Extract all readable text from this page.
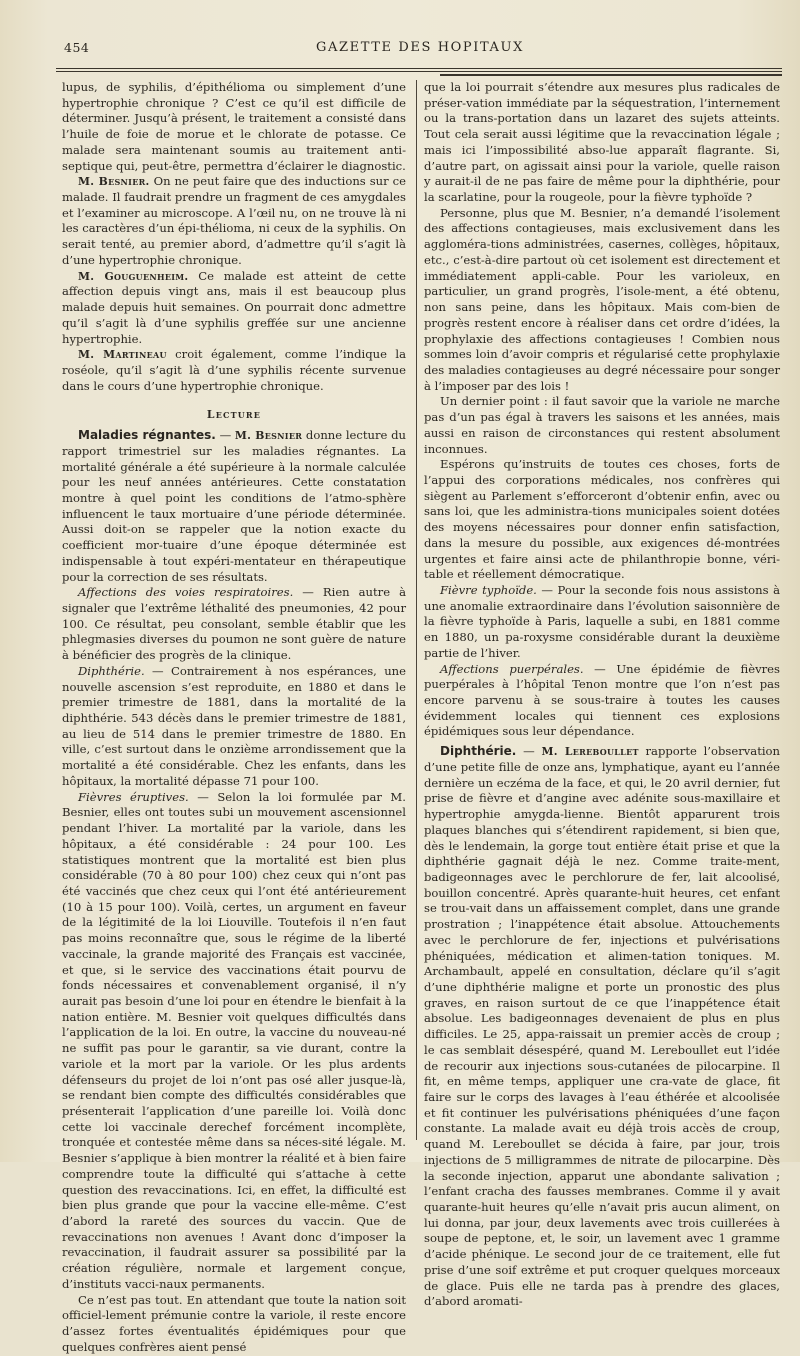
454	GAZETTE DES HOPITAUX

lupus, de syphilis, d’épithélioma ou simplement d’une hypertrophie chronique ? C’est ce qu’il est difficile de déterminer. Jusqu’à présent, le traitement a consisté dans l’huile de foie de morue et le chlorate de potasse. Ce malade sera maintenant soumis au traitement anti-septique qui, peut-être, permettra d’éclairer le diagnostic.

M. Besnier. On ne peut faire que des inductions sur ce malade. Il faudrait prendre un fragment de ces amygdales et l’examiner au microscope. A l’œil nu, on ne trouve là ni les caractères d’un épi-thélioma, ni ceux de la syphilis. On serait tenté, au premier abord, d’admettre qu’il s’agit là d’une hypertrophie chronique.

M. Gouguenheim. Ce malade est atteint de cette affection depuis vingt ans, mais il est beaucoup plus malade depuis huit semaines. On pourrait donc admettre qu’il s’agit là d’une syphilis greffée sur une ancienne hypertrophie.

M. Martineau croit également, comme l’indique la roséole, qu’il s’agit là d’une syphilis récente survenue dans le cours d’une hypertrophie chronique.

Lecture

Maladies régnantes. — M. Besnier donne lecture du rapport trimestriel sur les maladies régnantes. La mortalité générale a été supérieure à la normale calculée pour les neuf années antérieures. Cette constatation montre à quel point les conditions de l’atmo-sphère influencent le taux mortuaire d’une période déterminée. Aussi doit-on se rappeler que la notion exacte du coefficient mor-tuaire d’une époque déterminée est indispensable à tout expéri-mentateur en thérapeutique pour la correction de ses résultats.

Affections des voies respiratoires. — Rien autre à signaler que l’extrême léthalité des pneumonies, 42 pour 100. Ce résultat, peu consolant, semble établir que les phlegmasies diverses du poumon ne sont guère de nature à bénéficier des progrès de la clinique.

Diphthérie. — Contrairement à nos espérances, une nouvelle ascension s’est reproduite, en 1880 et dans le premier trimestre de 1881, dans la mortalité de la diphthérie. 543 décès dans le premier trimestre de 1881, au lieu de 514 dans le premier trimestre de 1880. En ville, c’est surtout dans le onzième arrondissement que la mortalité a été considérable. Chez les enfants, dans les hôpitaux, la mortalité dépasse 71 pour 100.

Fièvres éruptives. — Selon la loi formulée par M. Besnier, elles ont toutes subi un mouvement ascensionnel pendant l’hiver. La mortalité par la variole, dans les hôpitaux, a été considérable : 24 pour 100. Les statistiques montrent que la mortalité est bien plus considérable (70 à 80 pour 100) chez ceux qui n’ont pas été vaccinés que chez ceux qui l’ont été antérieurement (10 à 15 pour 100). Voilà, certes, un argument en faveur de la légitimité de la loi Liouville. Toutefois il n’en faut pas moins reconnaître que, sous le régime de la liberté vaccinale, la grande majorité des Français est vaccinée, et que, si le service des vaccinations était pourvu de fonds nécessaires et convenablement organisé, il n’y aurait pas besoin d’une loi pour en étendre le bienfait à la nation entière. M. Besnier voit quelques difficultés dans l’application de la loi. En outre, la vaccine du nouveau-né ne suffit pas pour le garantir, sa vie durant, contre la variole et la mort par la variole. Or les plus ardents défenseurs du projet de loi n’ont pas osé aller jusque-là, se rendant bien compte des difficultés considérables que présenterait l’application d’une pareille loi. Voilà donc cette loi vaccinale derechef forcément incomplète, tronquée et contestée même dans sa néces-sité légale. M. Besnier s’applique à bien montrer la réalité et à bien faire comprendre toute la difficulté qui s’attache à cette question des revaccinations. Ici, en effet, la difficulté est bien plus grande que pour la vaccine elle-même. C’est d’abord la rareté des sources du vaccin. Que de revaccinations non avenues ! Avant donc d’imposer la revaccination, il faudrait assurer sa possibilité par la création régulière, normale et largement conçue, d’instituts vacci-naux permanents.

Ce n’est pas tout. En attendant que toute la nation soit officiel-lement prémunie contre la variole, il reste encore d’assez fortes éventualités épidémiques pour que quelques confrères aient pensé

que la loi pourrait s’étendre aux mesures plus radicales de préser-vation immédiate par la séquestration, l’internement ou la trans-portation dans un lazaret des sujets atteints. Tout cela serait aussi légitime que la revaccination légale ; mais ici l’impossibilité abso-lue apparaît flagrante. Si, d’autre part, on agissait ainsi pour la variole, quelle raison y aurait-il de ne pas faire de même pour la diphthérie, pour la scarlatine, pour la rougeole, pour la fièvre typhoïde ?

Personne, plus que M. Besnier, n’a demandé l’isolement des affections contagieuses, mais exclusivement dans les aggloméra-tions administrées, casernes, collèges, hôpitaux, etc., c’est-à-dire partout où cet isolement est directement et immédiatement appli-cable. Pour les varioleux, en particulier, un grand progrès, l’isole-ment, a été obtenu, non sans peine, dans les hôpitaux. Mais com-bien de progrès restent encore à réaliser dans cet ordre d’idées, la prophylaxie des affections contagieuses ! Combien nous sommes loin d’avoir compris et régularisé cette prophylaxie des maladies contagieuses au degré nécessaire pour songer à l’imposer par des lois !

Un dernier point : il faut savoir que la variole ne marche pas d’un pas égal à travers les saisons et les années, mais aussi en raison de circonstances qui restent absolument inconnues.

Espérons qu’instruits de toutes ces choses, forts de l’appui des corporations médicales, nos confrères qui siègent au Parlement s’efforceront d’obtenir enfin, avec ou sans loi, que les administra-tions municipales soient dotées des moyens nécessaires pour donner enfin satisfaction, dans la mesure du possible, aux exigences dé-montrées urgentes et faire ainsi acte de philanthropie bonne, véri-table et réellement démocratique.

Fièvre typhoïde. — Pour la seconde fois nous assistons à une anomalie extraordinaire dans l’évolution saisonnière de la fièvre typhoïde à Paris, laquelle a subi, en 1881 comme en 1880, un pa-roxysme considérable durant la deuxième partie de l’hiver.

Affections puerpérales. — Une épidémie de fièvres puerpérales à l’hôpital Tenon montre que l’on n’est pas encore parvenu à se sous-traire à toutes les causes évidemment locales qui tiennent ces explosions épidémiques sous leur dépendance.

Diphthérie. — M. Lereboullet rapporte l’observation d’une petite fille de onze ans, lymphatique, ayant eu l’année dernière un eczéma de la face, et qui, le 20 avril dernier, fut prise de fièvre et d’angine avec adénite sous-maxillaire et hypertrophie amygda-lienne. Bientôt apparurent trois plaques blanches qui s’étendirent rapidement, si bien que, dès le lendemain, la gorge tout entière était prise et que la diphthérie gagnait déjà le nez. Comme traite-ment, badigeonnages avec le perchlorure de fer, lait alcoolisé, bouillon concentré. Après quarante-huit heures, cet enfant se trou-vait dans un affaissement complet, dans une grande prostration ; l’inappétence était absolue. Attouchements avec le perchlorure de fer, injections et pulvérisations phéniquées, médication et alimen-tation toniques. M. Archambault, appelé en consultation, déclare qu’il s’agit d’une diphthérie maligne et porte un pronostic des plus graves, en raison surtout de ce que l’inappétence était absolue. Les badigeonnages devenaient de plus en plus difficiles. Le 25, appa-raissait un premier accès de croup ; le cas semblait désespéré, quand M. Lereboullet eut l’idée de recourir aux injections sous-cutanées de pilocarpine. Il fit, en même temps, appliquer une cra-vate de glace, fit faire sur le corps des lavages à l’eau éthérée et alcoolisée et fit continuer les pulvérisations phéniquées d’une façon constante. La malade avait eu déjà trois accès de croup, quand M. Lereboullet se décida à faire, par jour, trois injections de 5 milligrammes de nitrate de pilocarpine. Dès la seconde injection, apparut une abondante salivation ; l’enfant cracha des fausses membranes. Comme il y avait quarante-huit heures qu’elle n’avait pris aucun aliment, on lui donna, par jour, deux lavements avec trois cuillerées à soupe de peptone, et, le soir, un lavement avec 1 gramme d’acide phénique. Le second jour de ce traitement, elle fut prise d’une soif extrême et put croquer quelques morceaux de glace. Puis elle ne tarda pas à prendre des glaces, d’abord aromati-
